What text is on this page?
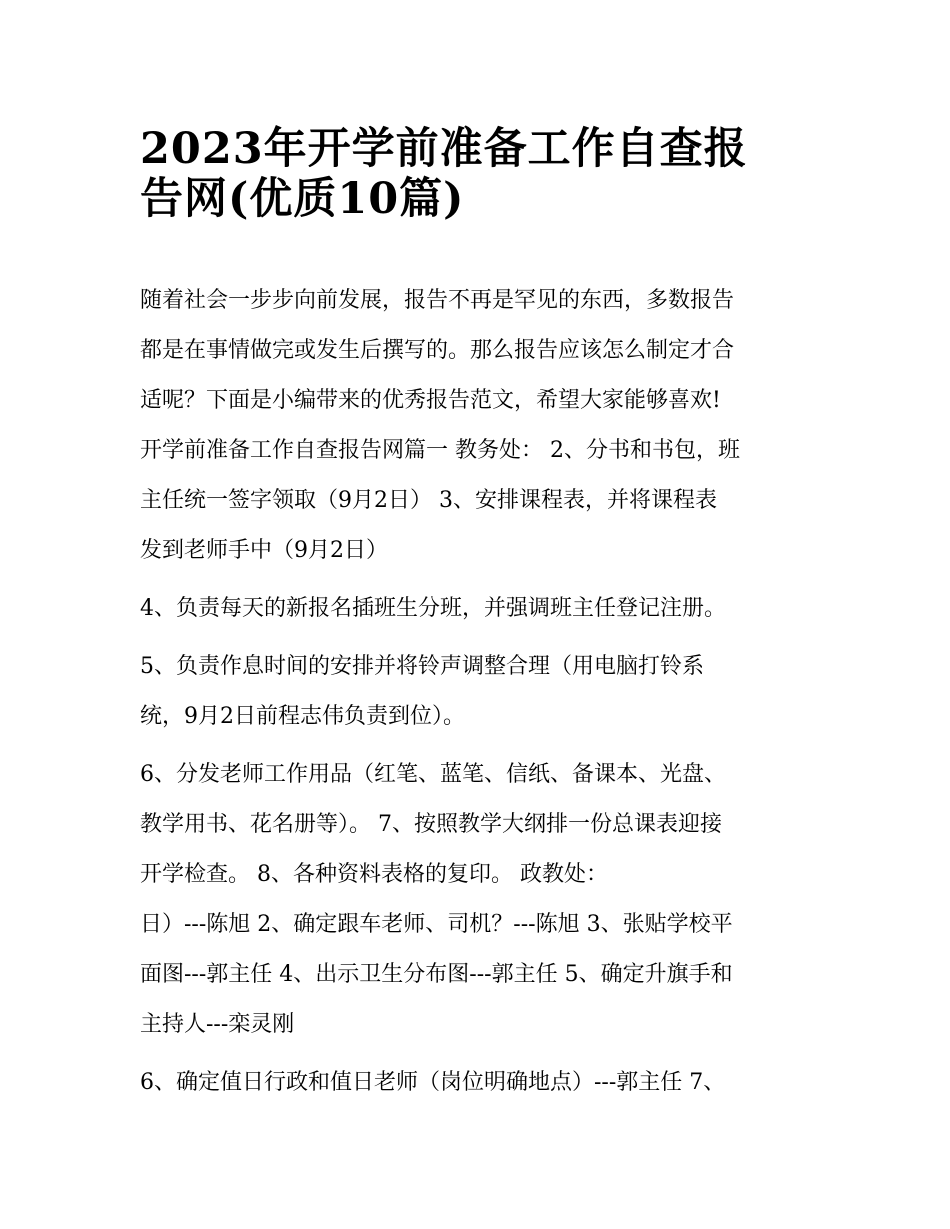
2023年开学前准备工作自查报
告网(优质10篇)

随着社会一步步向前发展，报告不再是罕见的东西，多数报告
都是在事情做完或发生后撰写的。那么报告应该怎么制定才合
适呢？下面是小编带来的优秀报告范文，希望大家能够喜欢!
开学前准备工作自查报告网篇一 教务处： 2、分书和书包，班
主任统一签字领取（9月2日） 3、安排课程表，并将课程表
发到老师手中（9月2日）

4、负责每天的新报名插班生分班，并强调班主任登记注册。

5、负责作息时间的安排并将铃声调整合理（用电脑打铃系
统，9月2日前程志伟负责到位）。

6、分发老师工作用品（红笔、蓝笔、信纸、备课本、光盘、
教学用书、花名册等）。 7、按照教学大纲排一份总课表迎接
开学检查。 8、各种资料表格的复印。 政教处：
日）---陈旭 2、确定跟车老师、司机？---陈旭 3、张贴学校平
面图---郭主任 4、出示卫生分布图---郭主任 5、确定升旗手和
主持人---栾灵刚

6、确定值日行政和值日老师（岗位明确地点）---郭主任 7、
